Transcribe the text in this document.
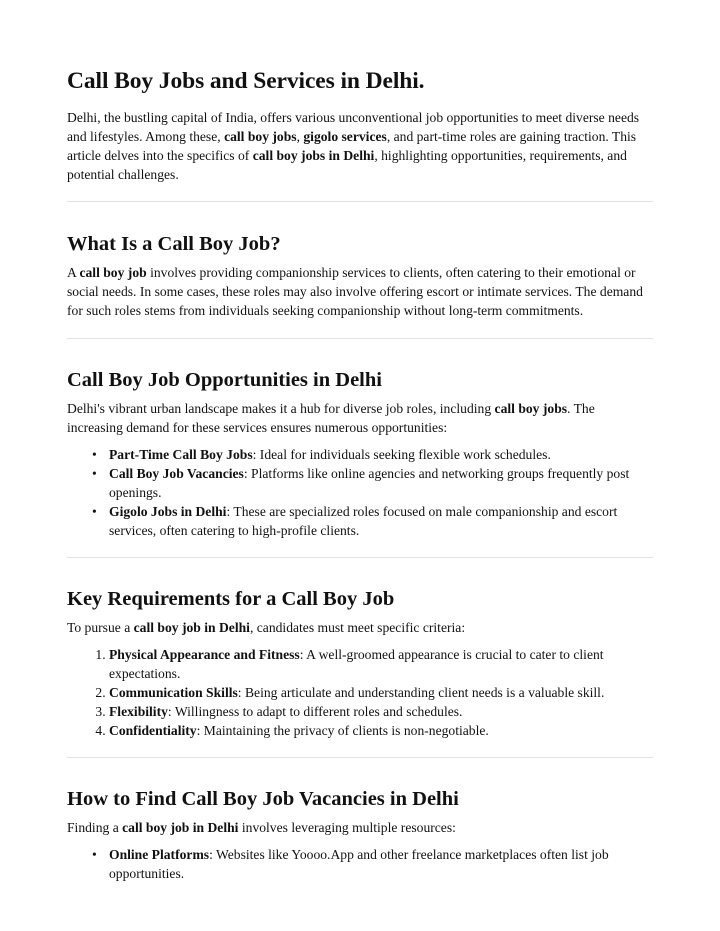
Call Boy Jobs and Services in Delhi.

Delhi, the bustling capital of India, offers various unconventional job opportunities to meet diverse needs and lifestyles. Among these, call boy jobs, gigolo services, and part-time roles are gaining traction. This article delves into the specifics of call boy jobs in Delhi, highlighting opportunities, requirements, and potential challenges.

What Is a Call Boy Job?

A call boy job involves providing companionship services to clients, often catering to their emotional or social needs. In some cases, these roles may also involve offering escort or intimate services. The demand for such roles stems from individuals seeking companionship without long-term commitments.

Call Boy Job Opportunities in Delhi

Delhi's vibrant urban landscape makes it a hub for diverse job roles, including call boy jobs. The increasing demand for these services ensures numerous opportunities:

• Part-Time Call Boy Jobs: Ideal for individuals seeking flexible work schedules.
• Call Boy Job Vacancies: Platforms like online agencies and networking groups frequently post openings.
• Gigolo Jobs in Delhi: These are specialized roles focused on male companionship and escort services, often catering to high-profile clients.
Key Requirements for a Call Boy Job

To pursue a call boy job in Delhi, candidates must meet specific criteria:

1. Physical Appearance and Fitness: A well-groomed appearance is crucial to cater to client expectations.
2. Communication Skills: Being articulate and understanding client needs is a valuable skill.
3. Flexibility: Willingness to adapt to different roles and schedules.
4. Confidentiality: Maintaining the privacy of clients is non-negotiable.
How to Find Call Boy Job Vacancies in Delhi

Finding a call boy job in Delhi involves leveraging multiple resources:

• Online Platforms: Websites like Yoooo.App and other freelance marketplaces often list job opportunities.
